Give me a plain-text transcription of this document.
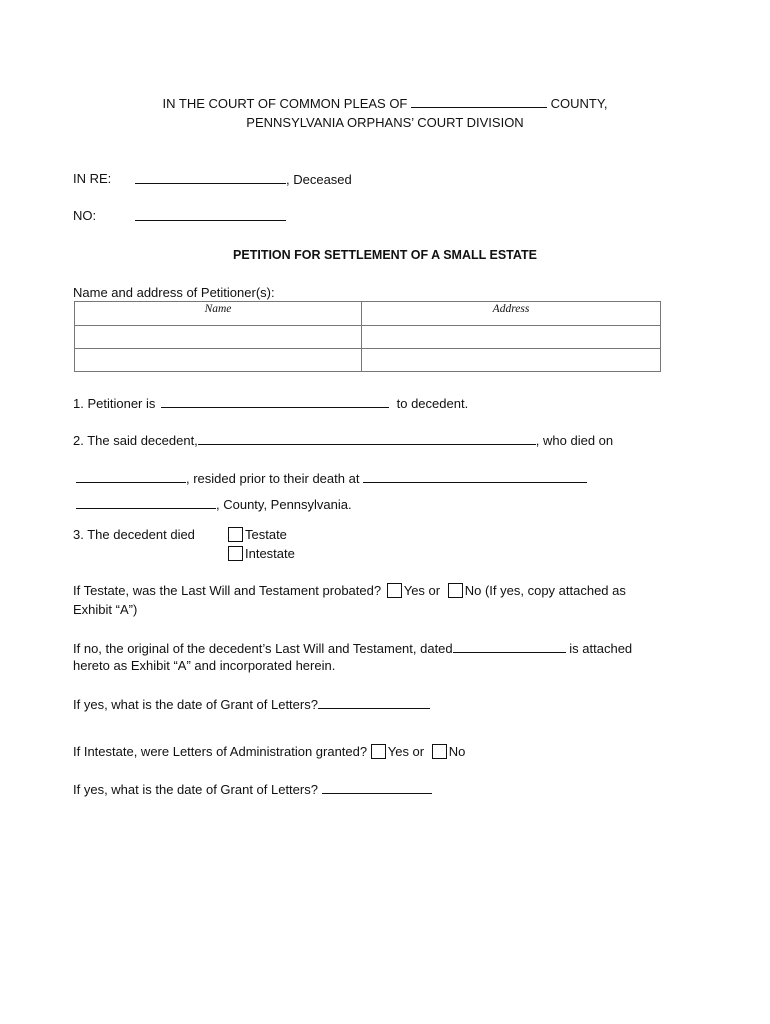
IN THE COURT OF COMMON PLEAS OF	COUNTY,
PENNSYLVANIA ORPHANS’ COURT DIVISION
IN RE:	, Deceased
NO:
PETITION FOR SETTLEMENT OF A SMALL ESTATE
Name and address of Petitioner(s):
Name	Address

1. Petitioner is	to decedent.
2. The said decedent,	, who died on
, resided prior to their death at
, County, Pennsylvania.
3. The decedent died	Testate
Intestate
If Testate, was the Last Will and Testament probated? Yes or No (If yes, copy attached as
Exhibit “A”)
If no, the original of the decedent’s Last Will and Testament, dated	is attached
hereto as Exhibit “A” and incorporated herein.
If yes, what is the date of Grant of Letters?
If Intestate, were Letters of Administration granted? Yes or No
If yes, what is the date of Grant of Letters?
